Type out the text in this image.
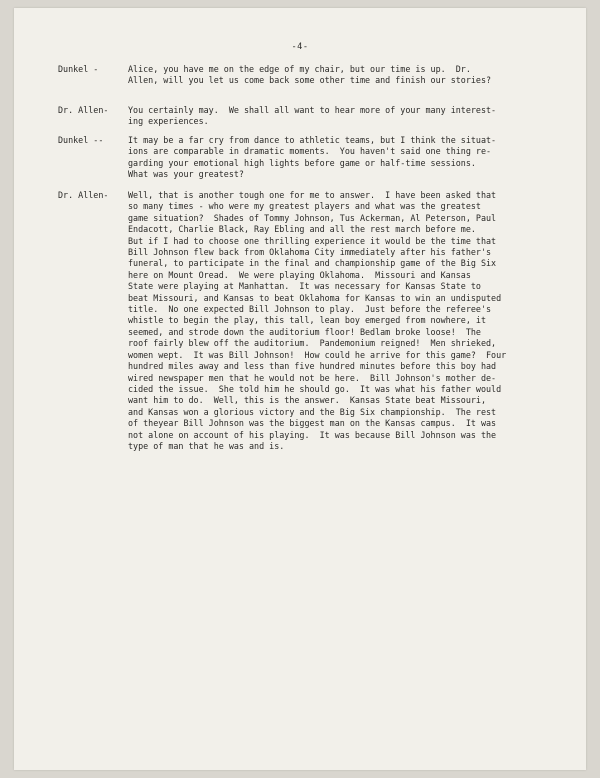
-4-
Dunkel -	Alice, you have me on the edge of my chair, but our time is up.  Dr.
Allen, will you let us come back some other time and finish our stories?
Dr. Allen- You certainly may.  We shall all want to hear more of your many interest-
ing experiences.
Dunkel --	It may be a far cry from dance to athletic teams, but I think the situat-
ions are comparable in dramatic moments.  You haven't said one thing re-
garding your emotional high lights before game or half-time sessions.
What was your greatest?
Dr. Allen- Well, that is another tough one for me to answer.  I have been asked that
so many times - who were my greatest players and what was the greatest
game situation?  Shades of Tommy Johnson, Tus Ackerman, Al Peterson, Paul
Endacott, Charlie Black, Ray Ebling and all the rest march before me.
But if I had to choose one thrilling experience it would be the time that
Bill Johnson flew back from Oklahoma City immediately after his father's
funeral, to participate in the final and championship game of the Big Six
here on Mount Oread.  We were playing Oklahoma.  Missouri and Kansas
State were playing at Manhattan.  It was necessary for Kansas State to
beat Missouri, and Kansas to beat Oklahoma for Kansas to win an undisputed
title.  No one expected Bill Johnson to play.  Just before the referee's
whistle to begin the play, this tall, lean boy emerged from nowhere, it
seemed, and strode down the auditorium floor! Bedlam broke loose!  The
roof fairly blew off the auditorium.  Pandemonium reigned!  Men shrieked,
women wept.  It was Bill Johnson!  How could he arrive for this game?  Four
hundred miles away and less than five hundred minutes before this boy had
wired newspaper men that he would not be here.  Bill Johnson's mother de-
cided the issue.  She told him he should go.  It was what his father would
want him to do.  Well, this is the answer.  Kansas State beat Missouri,
and Kansas won a glorious victory and the Big Six championship.  The rest
of theyear Bill Johnson was the biggest man on the Kansas campus.  It was
not alone on account of his playing.  It was because Bill Johnson was the
type of man that he was and is.
